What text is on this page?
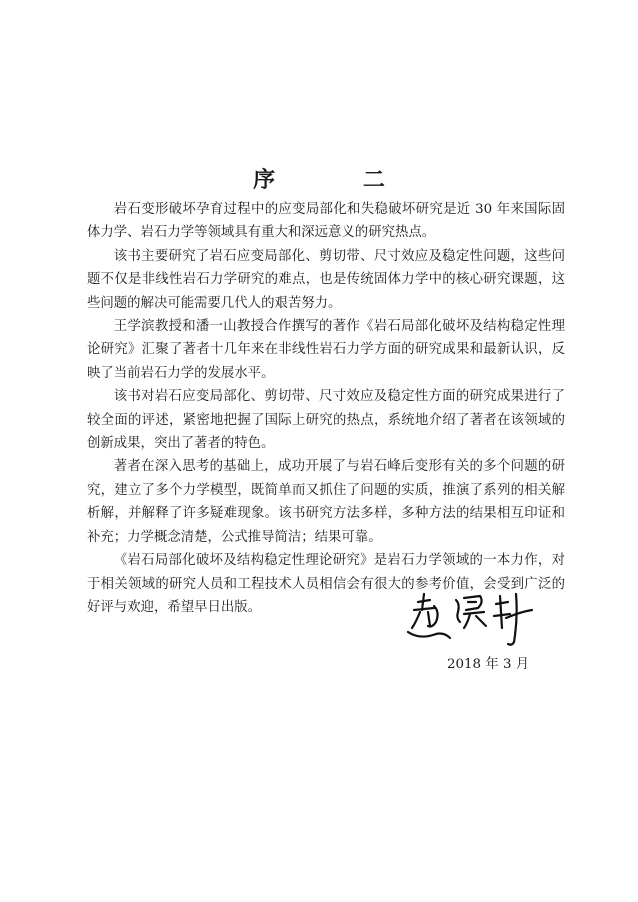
序 二

岩石变形破坏孕育过程中的应变局部化和失稳破坏研究是近 30 年来国际固体力学、岩石力学等领域具有重大和深远意义的研究热点。

该书主要研究了岩石应变局部化、剪切带、尺寸效应及稳定性问题，这些问题不仅是非线性岩石力学研究的难点，也是传统固体力学中的核心研究课题，这些问题的解决可能需要几代人的艰苦努力。

王学滨教授和潘一山教授合作撰写的著作《岩石局部化破坏及结构稳定性理论研究》汇聚了著者十几年来在非线性岩石力学方面的研究成果和最新认识，反映了当前岩石力学的发展水平。

该书对岩石应变局部化、剪切带、尺寸效应及稳定性方面的研究成果进行了较全面的评述，紧密地把握了国际上研究的热点，系统地介绍了著者在该领域的创新成果，突出了著者的特色。

著者在深入思考的基础上，成功开展了与岩石峰后变形有关的多个问题的研究，建立了多个力学模型，既简单而又抓住了问题的实质，推演了系列的相关解析解，并解释了许多疑难现象。该书研究方法多样，多种方法的结果相互印证和补充；力学概念清楚，公式推导简洁；结果可靠。

《岩石局部化破坏及结构稳定性理论研究》是岩石力学领域的一本力作，对于相关领域的研究人员和工程技术人员相信会有很大的参考价值，会受到广泛的好评与欢迎，希望早日出版。

2018 年 3 月
